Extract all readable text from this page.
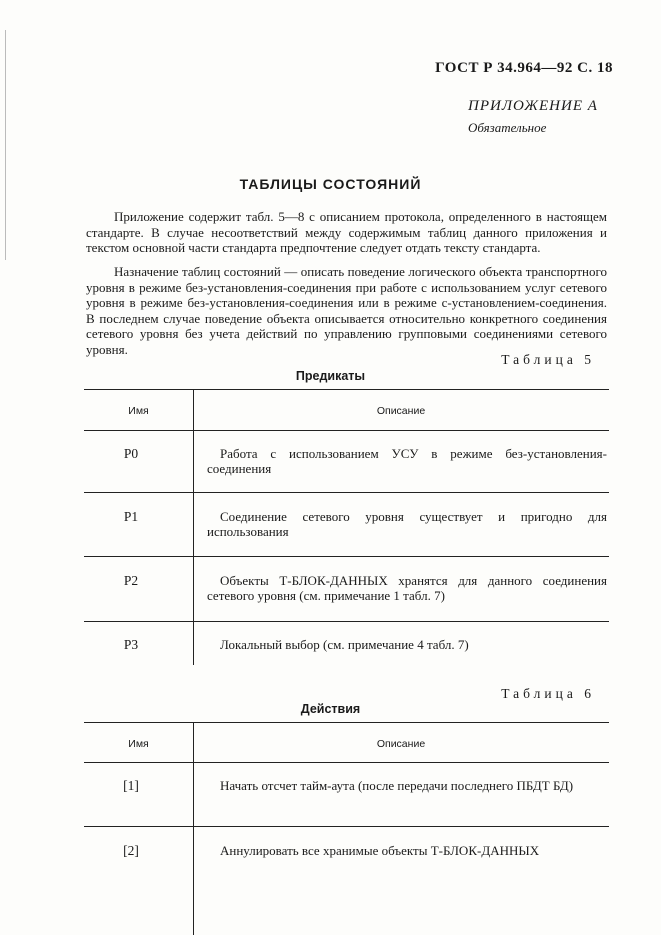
ГОСТ Р 34.964—92 С. 18
ПРИЛОЖЕНИЕ А
Обязательное
ТАБЛИЦЫ СОСТОЯНИЙ
Приложение содержит табл. 5—8 с описанием протокола, определенного в настоящем стандарте. В случае несоответствий между содержимым таблиц данного приложения и текстом основной части стандарта предпочтение следует отдать тексту стандарта.
Назначение таблиц состояний — описать поведение логического объекта транспортного уровня в режиме без-установления-соединения при работе с использованием услуг сетевого уровня в режиме без-установления-соединения или в режиме с-установлением-соединения. В последнем случае поведение объекта описывается относительно конкретного соединения сетевого уровня без учета действий по управлению групповыми соединениями сетевого уровня.
Таблица 5
Предикаты
Имя	Описание
P0	Работа с использованием УСУ в режиме без-установления-соединения
P1	Соединение сетевого уровня существует и пригодно для использования
P2	Объекты Т-БЛОК-ДАННЫХ хранятся для данного соединения сетевого уровня (см. примечание 1 табл. 7)
P3	Локальный выбор (см. примечание 4 табл. 7)
Таблица 6
Действия
Имя	Описание
[1]	Начать отсчет тайм-аута (после передачи последнего ПБДТ БД)
[2]	Аннулировать все хранимые объекты Т-БЛОК-ДАННЫХ
